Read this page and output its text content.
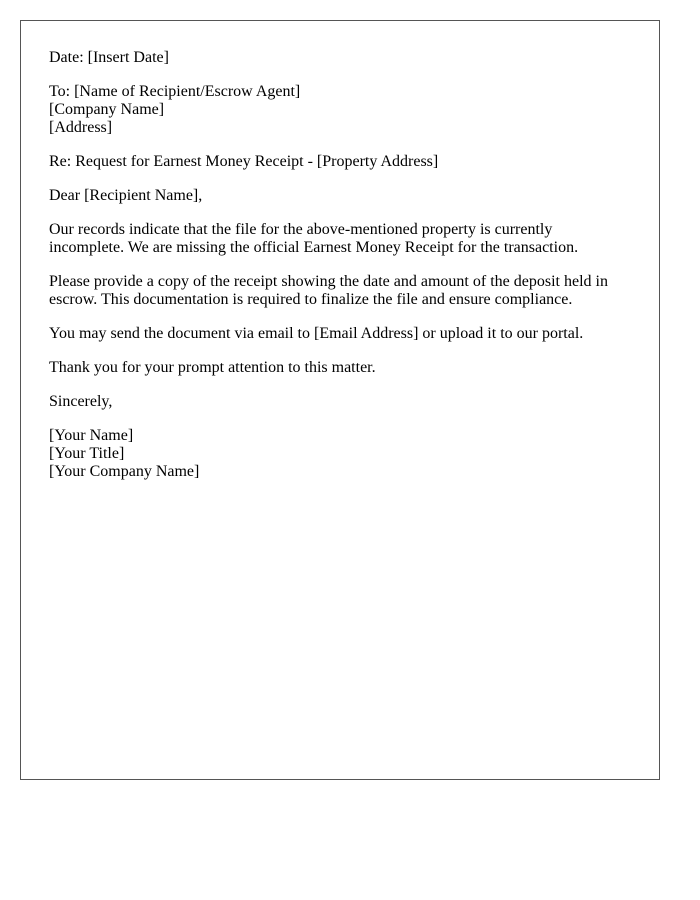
Date: [Insert Date]

To: [Name of Recipient/Escrow Agent]
[Company Name]
[Address]

Re: Request for Earnest Money Receipt - [Property Address]

Dear [Recipient Name],

Our records indicate that the file for the above-mentioned property is currently incomplete. We are missing the official Earnest Money Receipt for the transaction.

Please provide a copy of the receipt showing the date and amount of the deposit held in escrow. This documentation is required to finalize the file and ensure compliance.

You may send the document via email to [Email Address] or upload it to our portal.

Thank you for your prompt attention to this matter.

Sincerely,

[Your Name]
[Your Title]
[Your Company Name]
